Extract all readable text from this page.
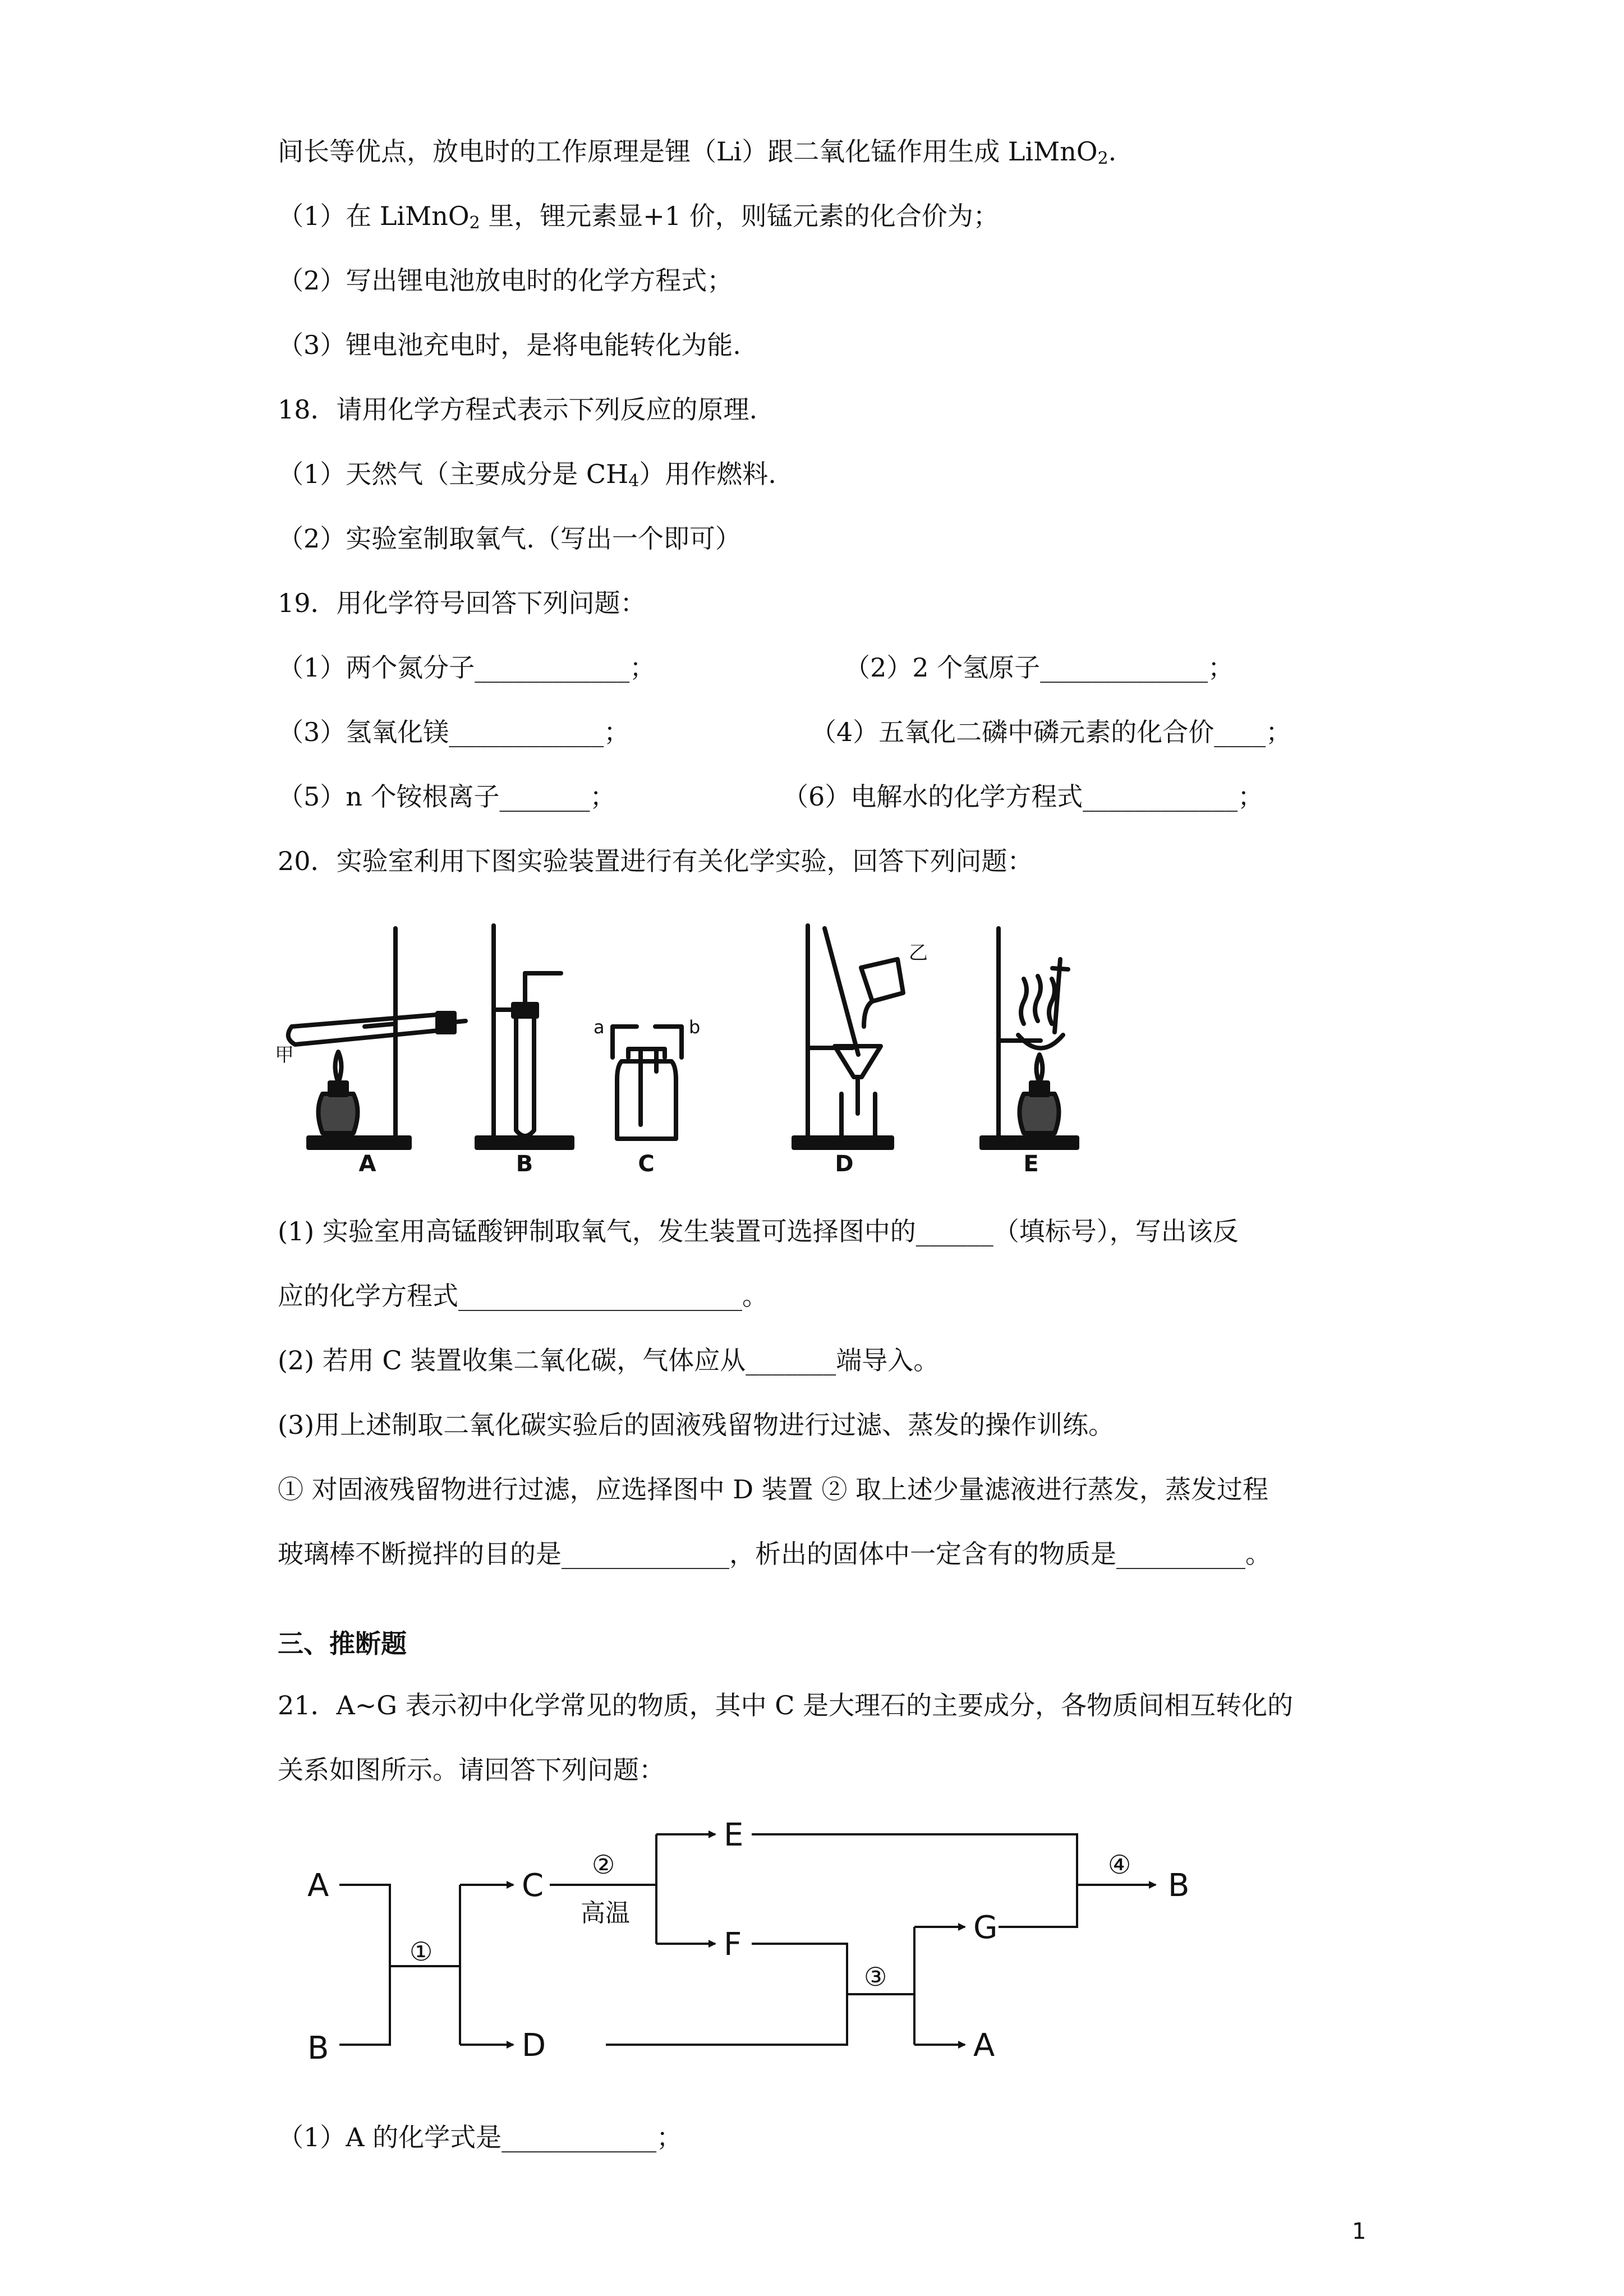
间长等优点，放电时的工作原理是锂（Li）跟二氧化锰作用生成 LiMnO$_2$.
（1）在 LiMnO$_2$ 里，锂元素显+1 价，则锰元素的化合价为；
（2）写出锂电池放电时的化学方程式；
（3）锂电池充电时，是将电能转化为能.
18．请用化学方程式表示下列反应的原理.
（1）天然气（主要成分是 $CH_4$）用作燃料.
（2）实验室制取氧气.（写出一个即可）
19．用化学符号回答下列问题：
（1）两个氮分子____________；	（2）2 个氢原子_____________；
（3）氢氧化镁____________；	（4）五氧化二磷中磷元素的化合价____；
（5）n 个铵根离子_______；	（6）电解水的化学方程式____________；
20．实验室利用下图实验装置进行有关化学实验，回答下列问题：
甲
乙
a	b
A	B	C	D	E
(1) 实验室用高锰酸钾制取氧气，发生装置可选择图中的______（填标号），写出该反
应的化学方程式______________________。
(2) 若用 C 装置收集二氧化碳，气体应从_______端导入。
(3)用上述制取二氧化碳实验后的固液残留物进行过滤、蒸发的操作训练。
① 对固液残留物进行过滤，应选择图中 D 装置 ② 取上述少量滤液进行蒸发，蒸发过程
玻璃棒不断搅拌的目的是_____________，析出的固体中一定含有的物质是__________。
三、推断题
21．A~G 表示初中化学常见的物质，其中 C 是大理石的主要成分，各物质间相互转化的
关系如图所示。请回答下列问题：
A
B
C
D
E
F	G
A
B
①
②
③
④
高温
（1）A 的化学式是____________；
1
